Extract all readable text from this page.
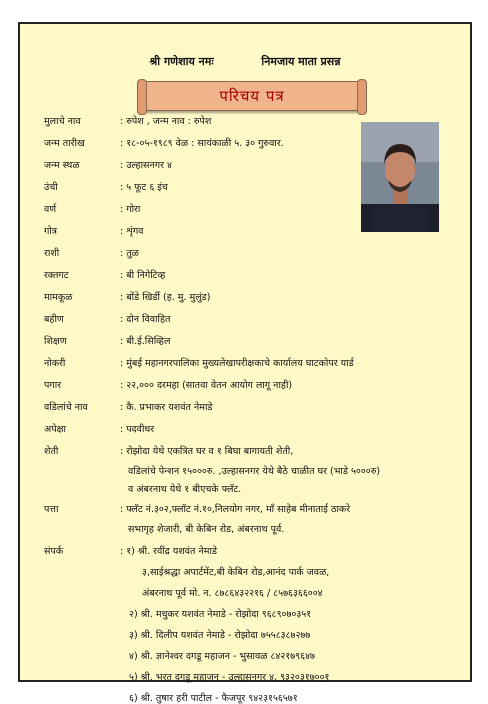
श्री गणेशाय नमः	निमजाय माता प्रसन्न
परिचय पत्र
मुलाचे नाव	: रुपेश , जन्म नाव : रुपेश
जन्म तारीख	: १८-०५-१९८९ वेळ : सायंकाळी ५. ३० गुरुवार.
जन्म स्थळ	: उल्हासनगर ४
उंची	: ५ फूट ६ इंच
वर्ण	: गोरा
गोत्र	: शृंगव
राशी	: तुळ
रक्तगट	: बी निगेटिव्ह
मामकूळ	: बोंडे खिर्डी (ह. मु. मुलुंड)
बहीण	: दोन विवाहित
शिक्षण	: बी.ई.सिव्हिल
नोकरी	: मुंबई महानगरपालिका मुख्यलेखापरीक्षकाचे कार्यालय घाटकोपर यार्ड
पगार	: २२,००० दरमहा (सातवा वेतन आयोग लागू नाही)
वडिलांचे नाव	: कै. प्रभाकर यशवंत नेमाडे
अपेक्षा	: पदवीधर
शेती	: रोझोदा येथे एकत्रित घर व १ बिघा बागायती शेती,
वडिलांचे पेन्शन १५०००रु. ,उल्हासनगर येथे बैठे चाळीत घर (भाडे ५०००रु)
व अंबरनाथ येथे १ बीएचके फ्लॅट.
पत्ता	: फ्लॅट नं.३०२,फ्लॉट नं.१०,निलयोग नगर, माँ साहेब मीनाताई ठाकरे
सभागृह शेजारी, बी केबिन रोड, अंबरनाथ पूर्व.
संपर्क	: १) श्री. रवींद्र यशवंत नेमाडे
३,साईश्रद्धा अपार्टमेंट,बी केबिन रोड,आनंद पार्क जवळ,
अंबरनाथ पूर्व मो. न. ८७८६४३२२१६ / ८५७६३६६००४
२) श्री. मधुकर यशवंत नेमाडे - रोझोदा ९६८९०७०३५१
३) श्री. दिलीप यशवंत नेमाडे - रोझोदा ७५५८३८७२७७
४) श्री. ज्ञानेश्वर दगडू महाजन - भुसावळ ८४२१७९६४७
५) श्री. भरत दगडू महाजन - उल्हासनगर ४, ९३२०३१७००१
६) श्री. तुषार हरी पाटील - फैजपूर ९४२३१५६५७१
